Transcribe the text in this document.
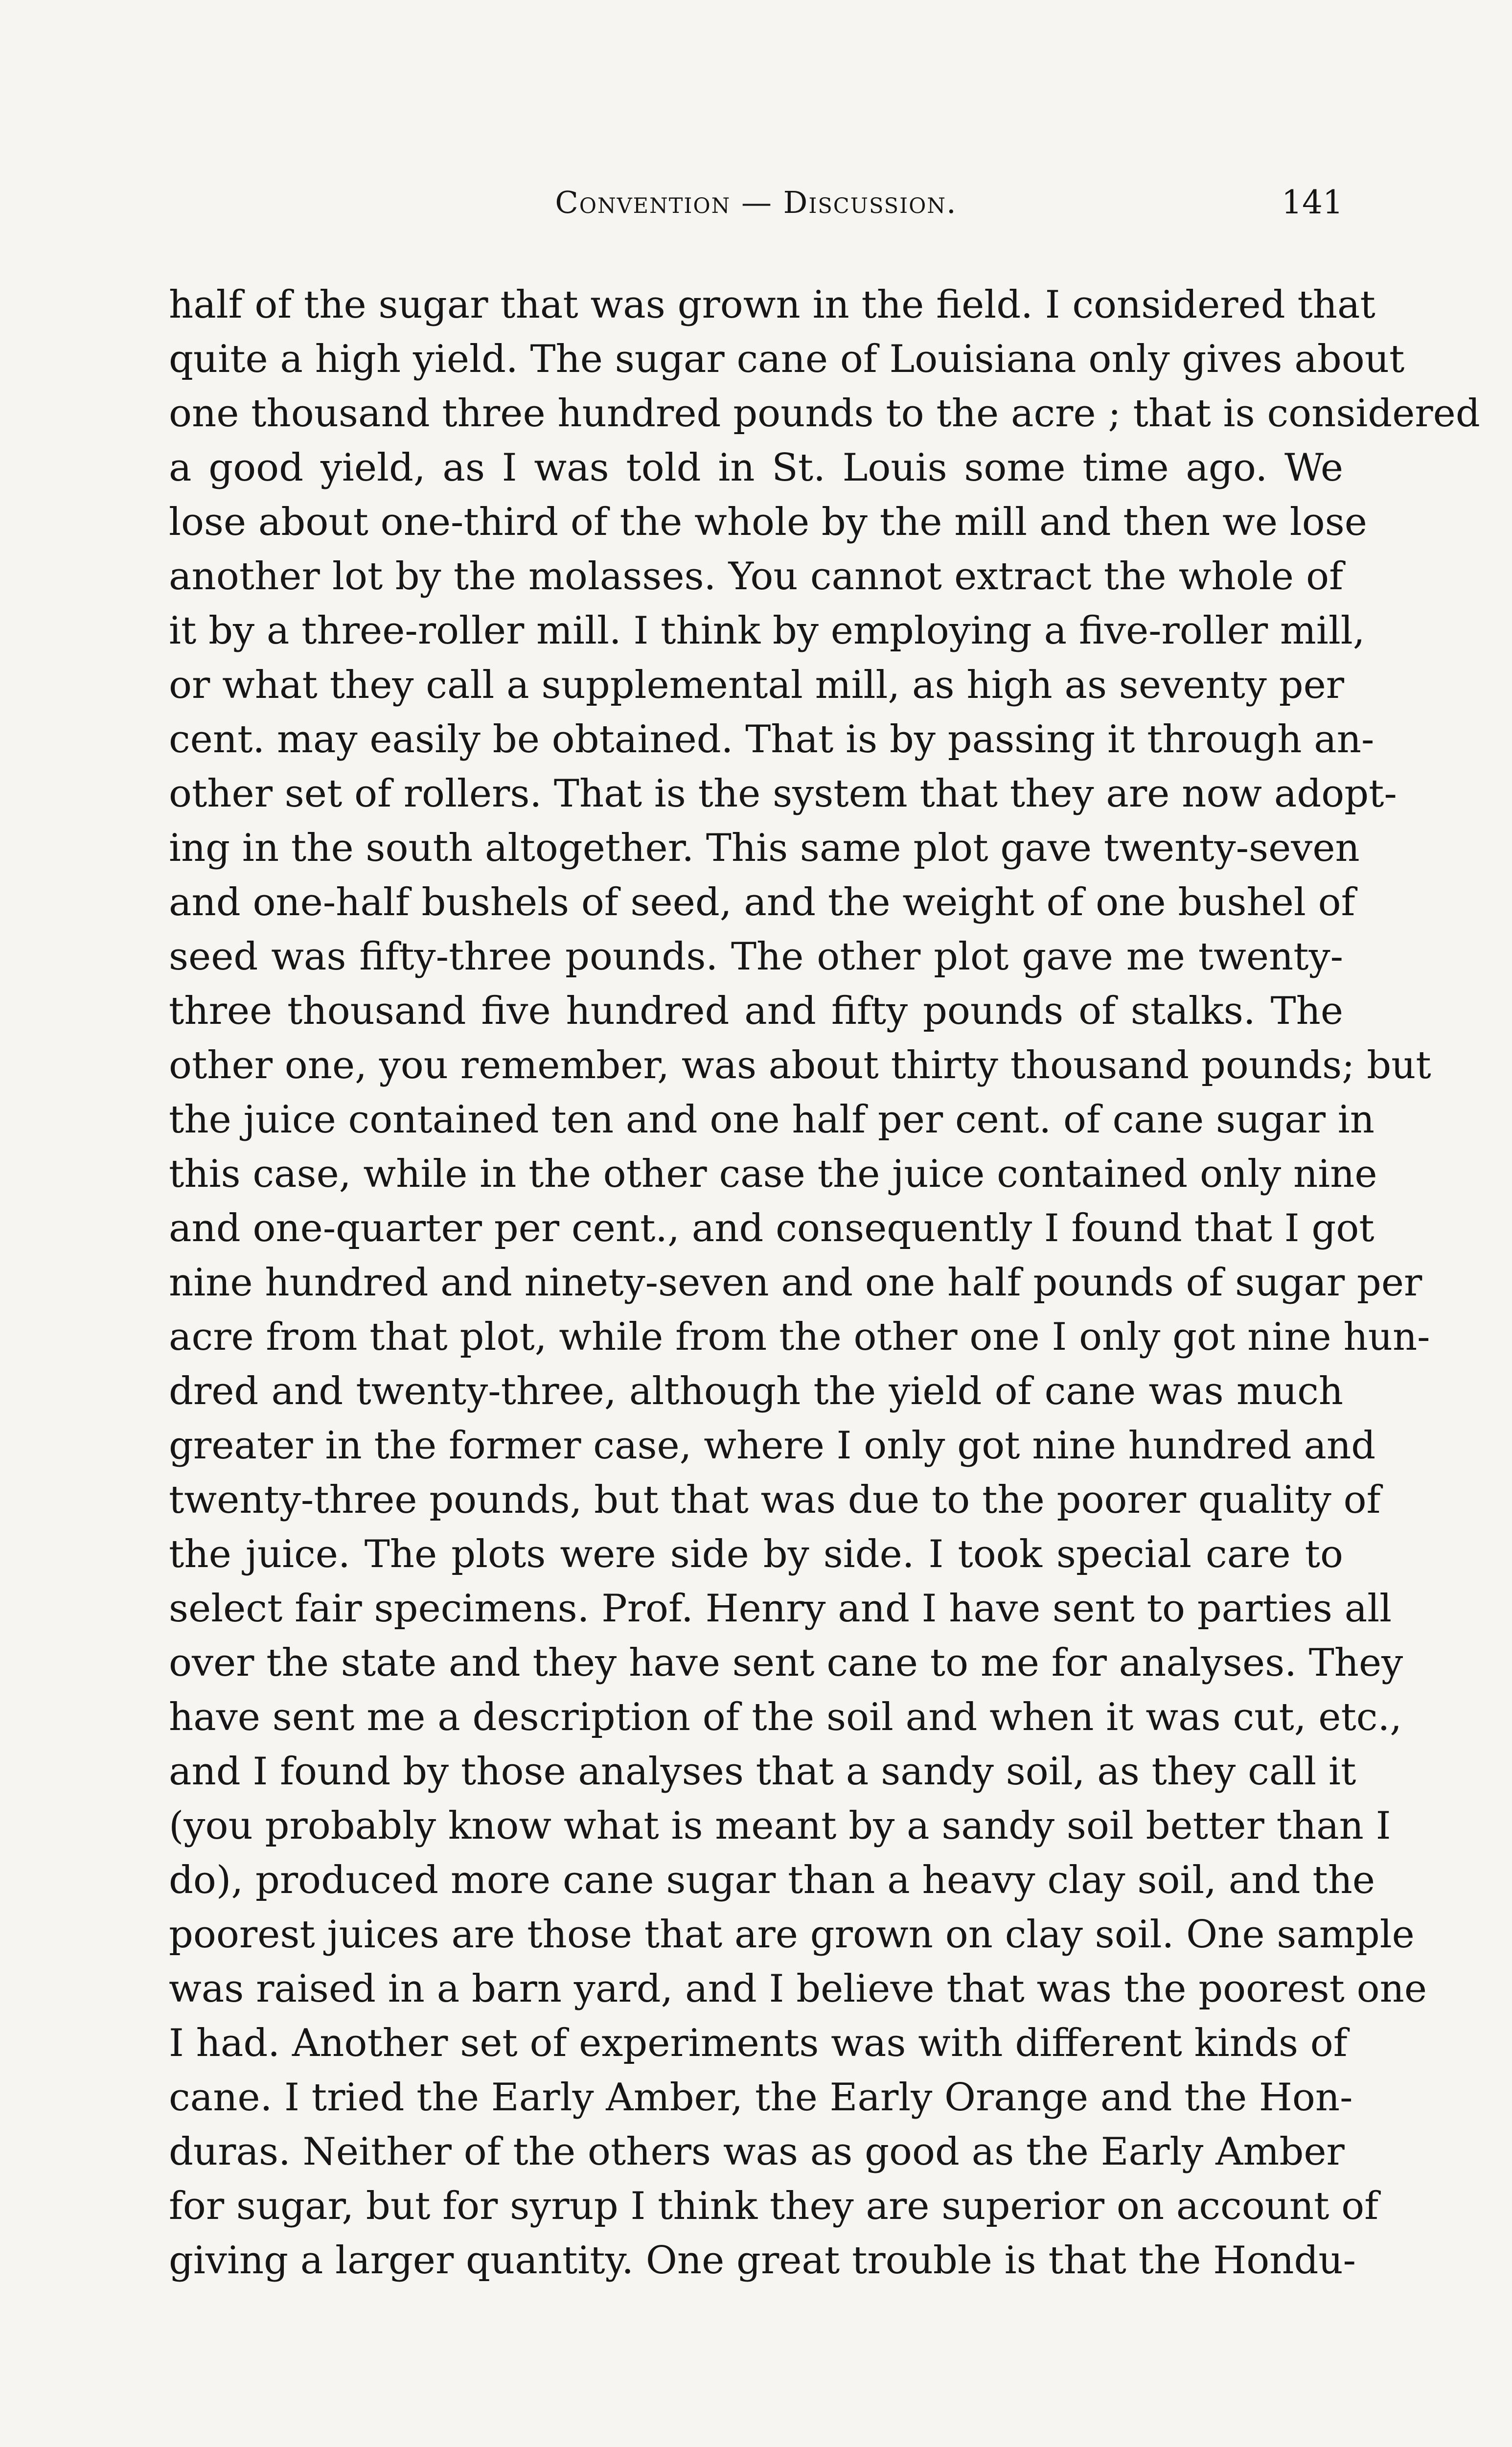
Convention — Discussion.	141
half of the sugar that was grown in the field. I considered that
quite a high yield. The sugar cane of Louisiana only gives about
one thousand three hundred pounds to the acre ; that is considered
a good yield, as I was told in St. Louis some time ago. We
lose about one-third of the whole by the mill and then we lose
another lot by the molasses. You cannot extract the whole of
it by a three-roller mill. I think by employing a five-roller mill,
or what they call a supplemental mill, as high as seventy per
cent. may easily be obtained. That is by passing it through an-
other set of rollers. That is the system that they are now adopt-
ing in the south altogether. This same plot gave twenty-seven
and one-half bushels of seed, and the weight of one bushel of
seed was fifty-three pounds. The other plot gave me twenty-
three thousand five hundred and fifty pounds of stalks. The
other one, you remember, was about thirty thousand pounds; but
the juice contained ten and one half per cent. of cane sugar in
this case, while in the other case the juice contained only nine
and one-quarter per cent., and consequently I found that I got
nine hundred and ninety-seven and one half pounds of sugar per
acre from that plot, while from the other one I only got nine hun-
dred and twenty-three, although the yield of cane was much
greater in the former case, where I only got nine hundred and
twenty-three pounds, but that was due to the poorer quality of
the juice. The plots were side by side. I took special care to
select fair specimens. Prof. Henry and I have sent to parties all
over the state and they have sent cane to me for analyses. They
have sent me a description of the soil and when it was cut, etc.,
and I found by those analyses that a sandy soil, as they call it
(you probably know what is meant by a sandy soil better than I
do), produced more cane sugar than a heavy clay soil, and the
poorest juices are those that are grown on clay soil. One sample
was raised in a barn yard, and I believe that was the poorest one
I had. Another set of experiments was with different kinds of
cane. I tried the Early Amber, the Early Orange and the Hon-
duras. Neither of the others was as good as the Early Amber
for sugar, but for syrup I think they are superior on account of
giving a larger quantity. One great trouble is that the Hondu-
